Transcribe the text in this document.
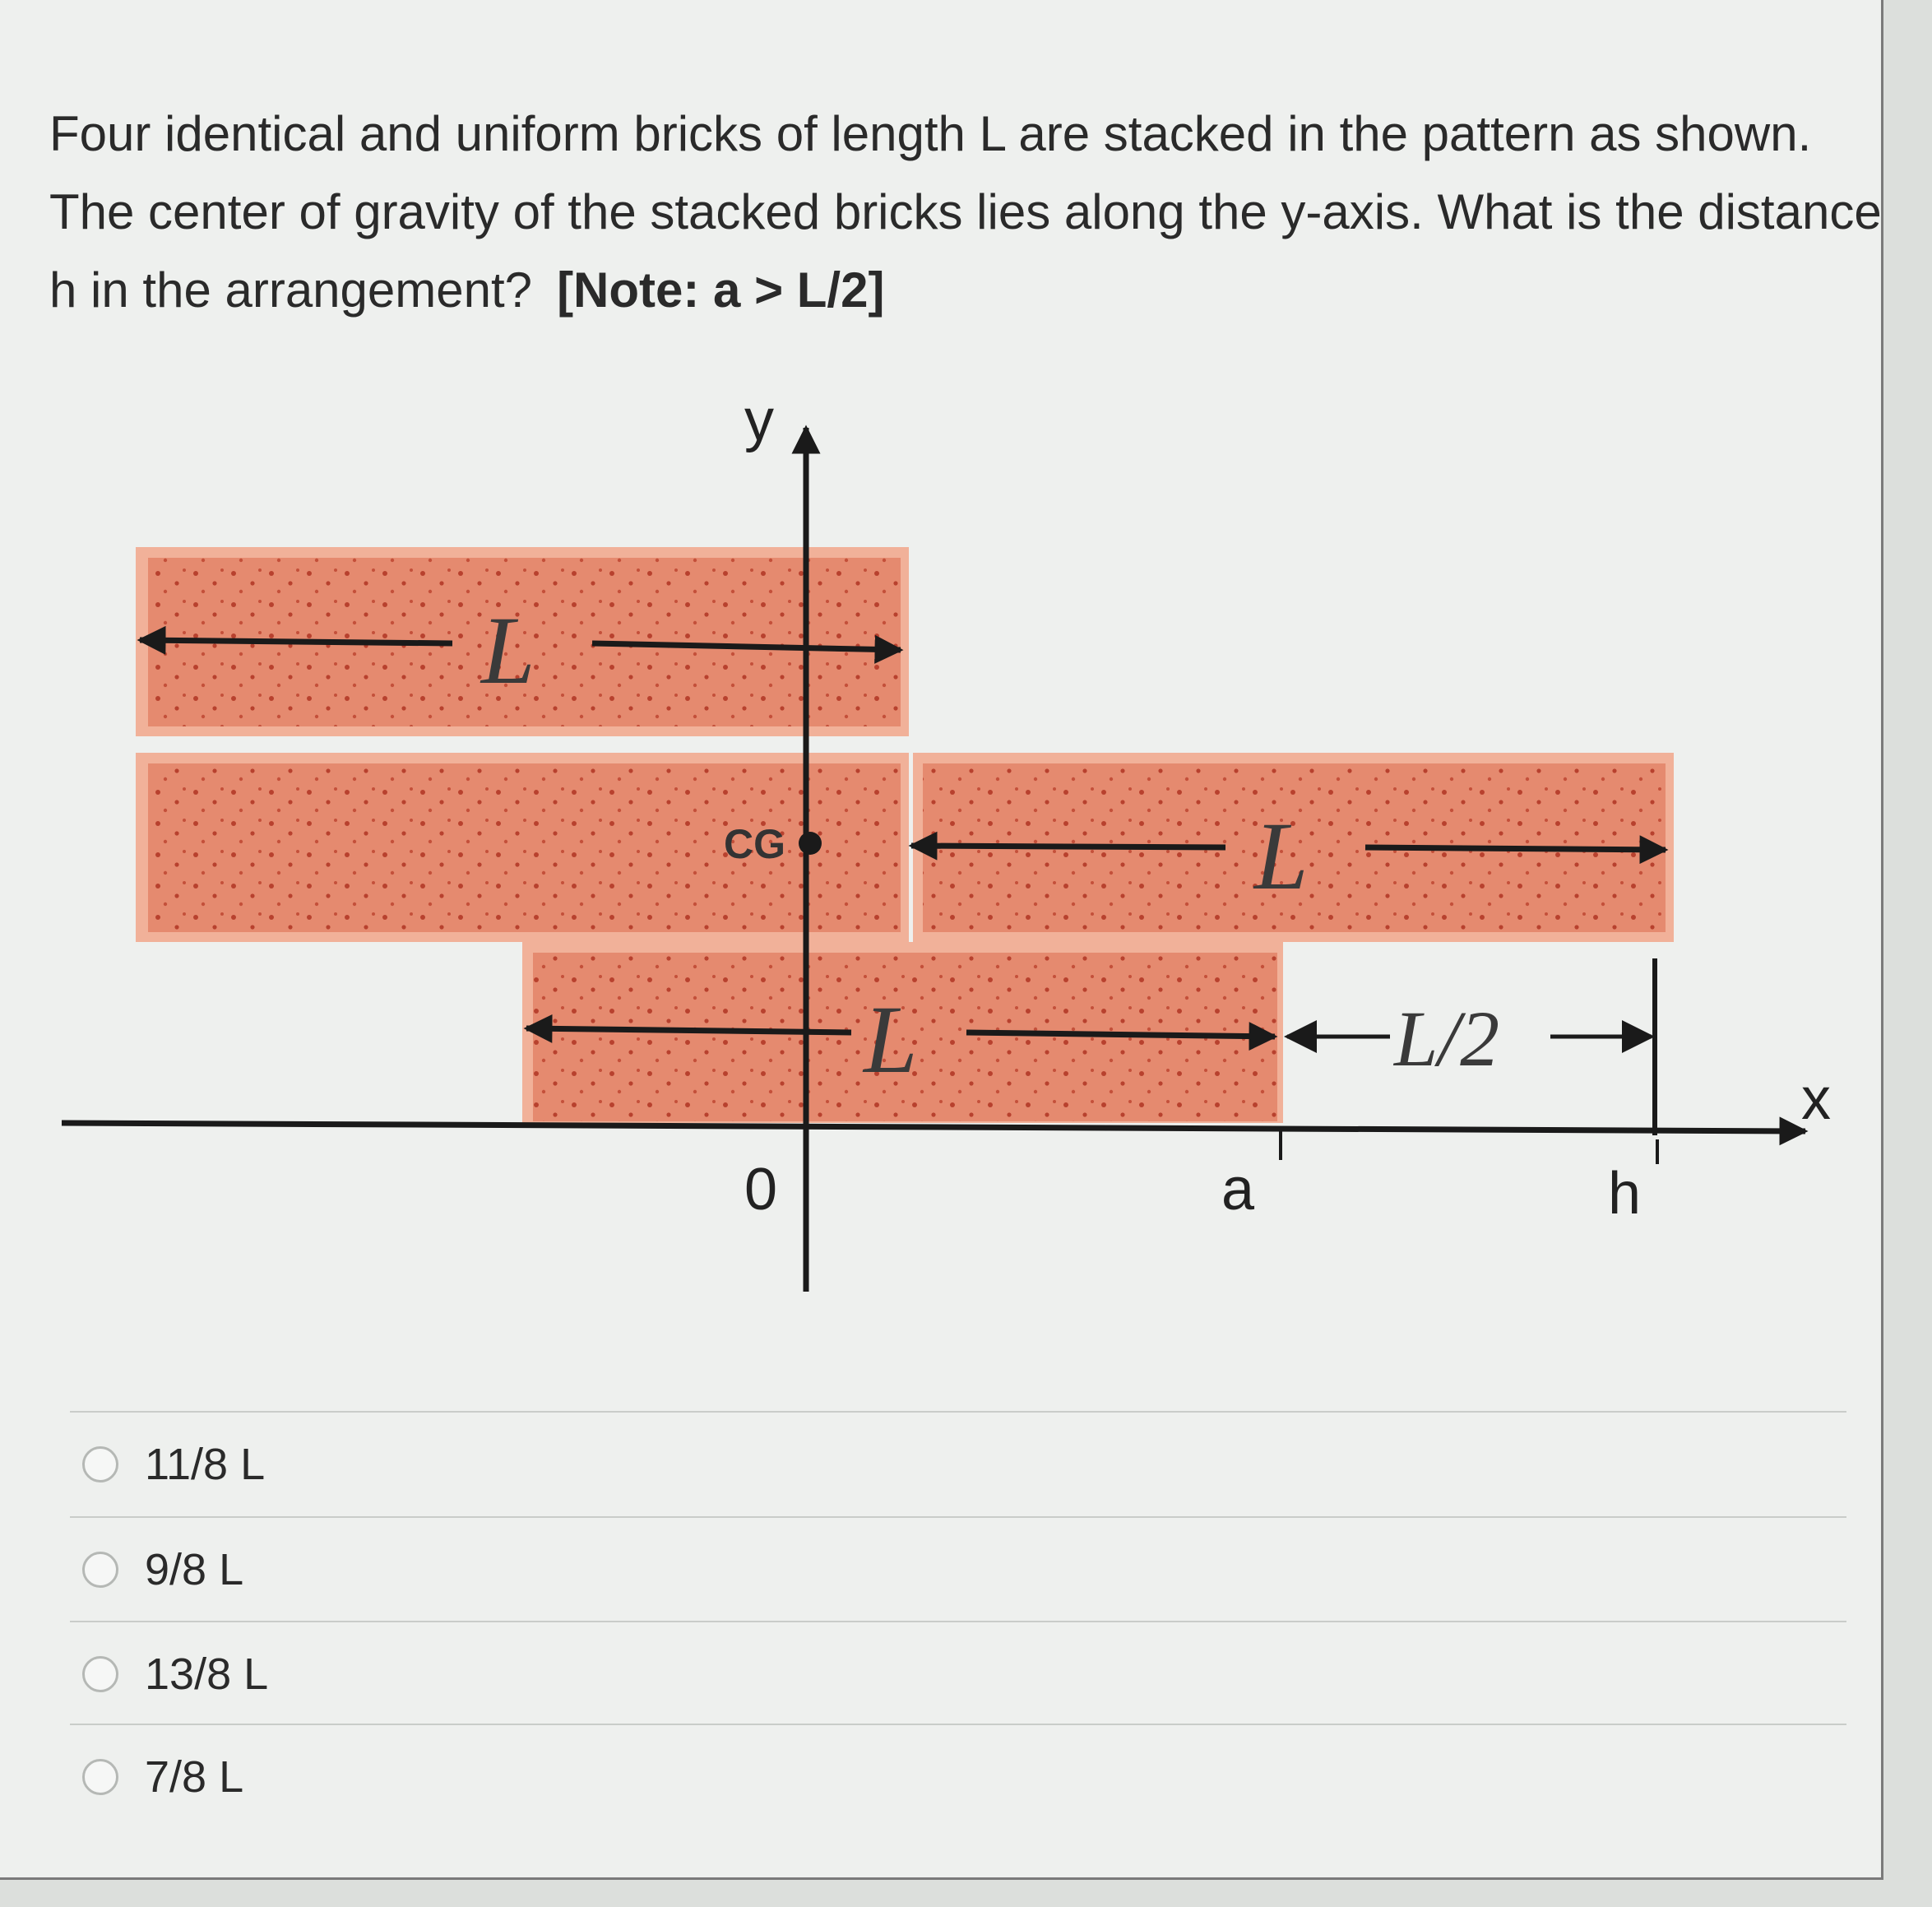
Four identical and uniform bricks of length L are stacked in the pattern as shown. The center of gravity of the stacked bricks lies along the y-axis. What is the distance h in the arrangement? [Note: a > L/2]

y
x
L
L
L	L/2
CG
0	a	h
11/8 L
9/8 L
13/8 L
7/8 L
